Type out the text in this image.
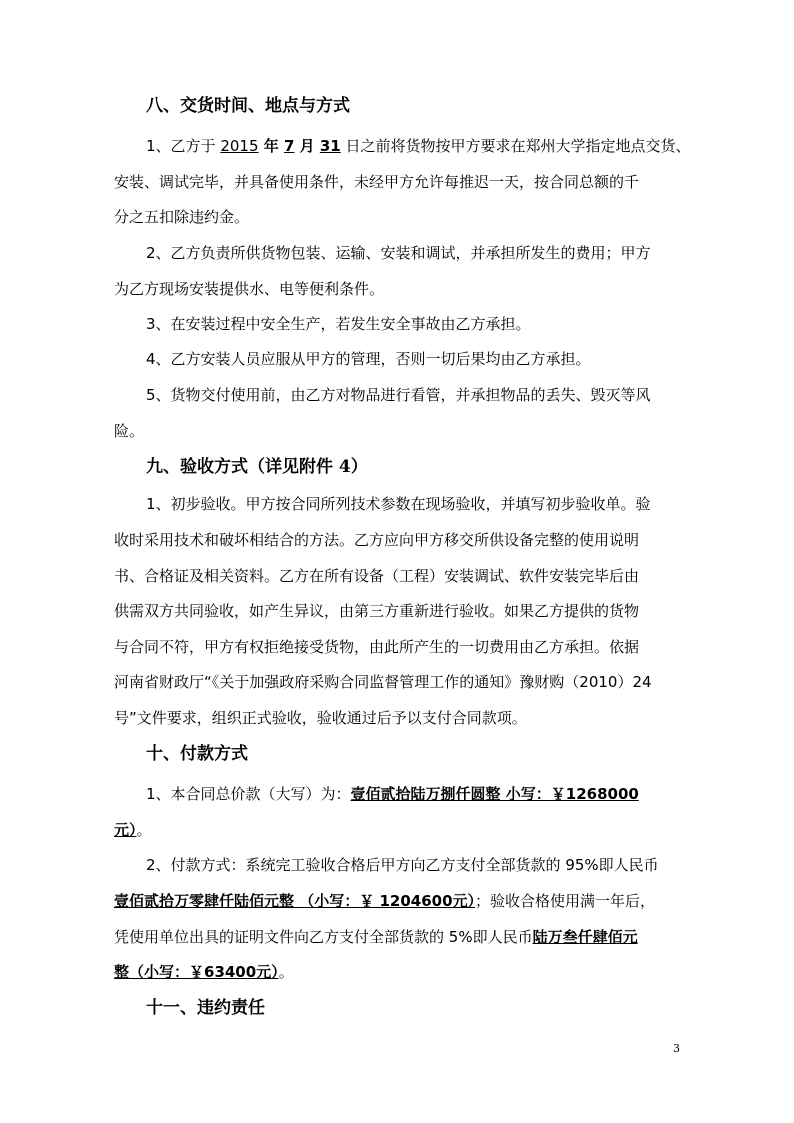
八、交货时间、地点与方式
1、乙方于 2015 年 7 月 31 日之前将货物按甲方要求在郑州大学指定地点交货、
安装、调试完毕，并具备使用条件，未经甲方允许每推迟一天，按合同总额的千
分之五扣除违约金。
2、乙方负责所供货物包装、运输、安装和调试，并承担所发生的费用；甲方
为乙方现场安装提供水、电等便利条件。
3、在安装过程中安全生产，若发生安全事故由乙方承担。
4、乙方安装人员应服从甲方的管理，否则一切后果均由乙方承担。
5、货物交付使用前，由乙方对物品进行看管，并承担物品的丢失、毁灭等风
险。
九、验收方式（详见附件 4）
1、初步验收。甲方按合同所列技术参数在现场验收，并填写初步验收单。验
收时采用技术和破坏相结合的方法。乙方应向甲方移交所供设备完整的使用说明
书、合格证及相关资料。乙方在所有设备（工程）安装调试、软件安装完毕后由
供需双方共同验收，如产生异议，由第三方重新进行验收。如果乙方提供的货物
与合同不符，甲方有权拒绝接受货物，由此所产生的一切费用由乙方承担。依据
河南省财政厅“《关于加强政府采购合同监督管理工作的通知》豫财购（2010）24
号”文件要求，组织正式验收，验收通过后予以支付合同款项。
十、付款方式
1、本合同总价款（大写）为：壹佰贰拾陆万捌仟圆整 小写：￥1268000
元）。
2、付款方式：系统完工验收合格后甲方向乙方支付全部货款的 95%即人民币
壹佰贰拾万零肆仟陆佰元整 （小写：￥ 1204600元）；验收合格使用满一年后，
凭使用单位出具的证明文件向乙方支付全部货款的 5%即人民币陆万叁仟肆佰元
整（小写：￥63400元）。
十一、违约责任
3
